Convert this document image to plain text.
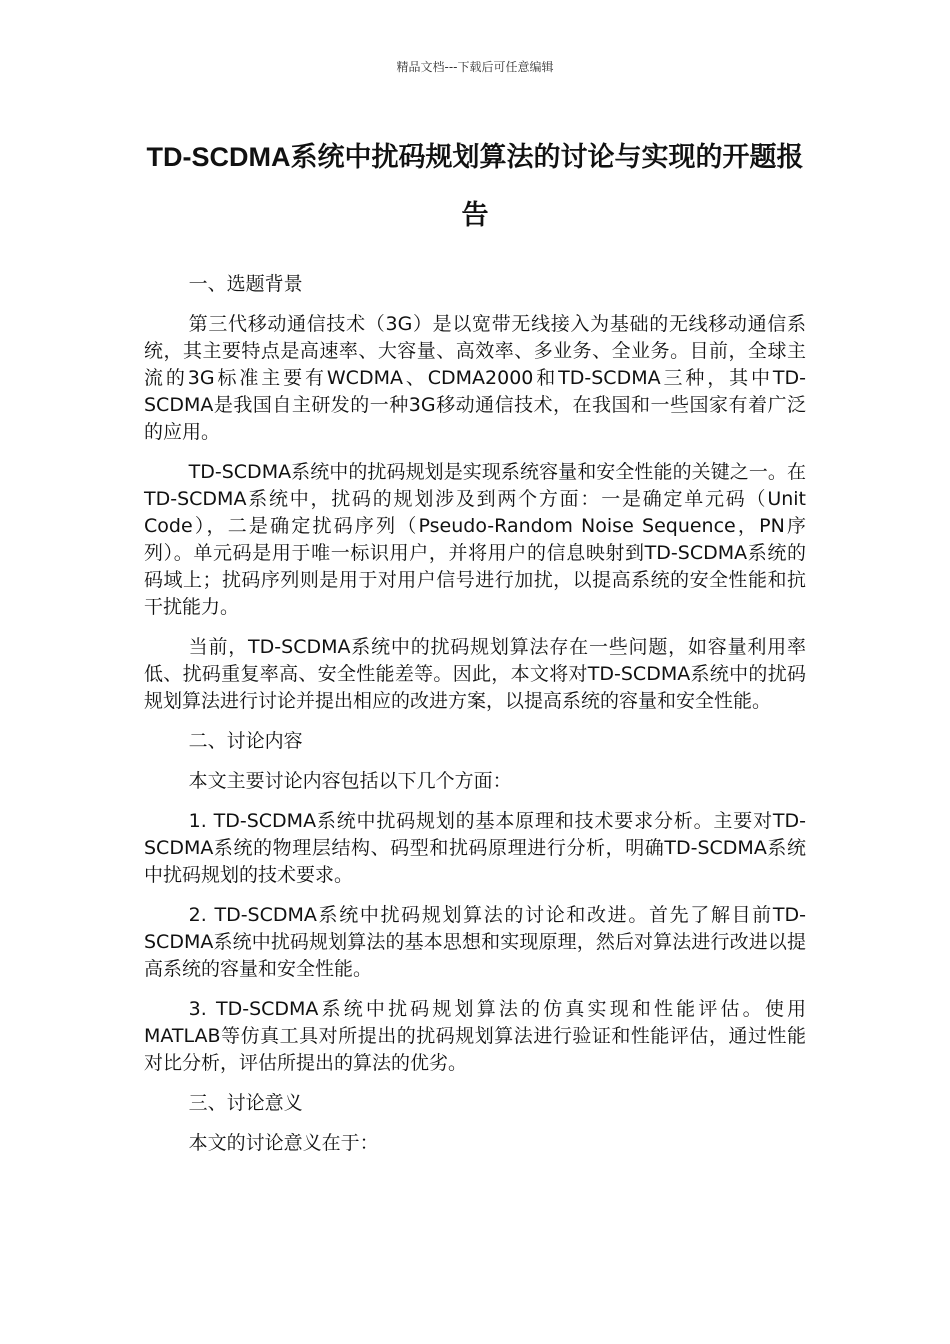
精品文档---下载后可任意编辑
TD-SCDMA系统中扰码规划算法的讨论与实现的开题报告

一、选题背景

第三代移动通信技术（3G）是以宽带无线接入为基础的无线移动通信系统，其主要特点是高速率、大容量、高效率、多业务、全业务。目前，全球主流的3G标准主要有WCDMA、CDMA2000和TD-SCDMA三种，其中TD-SCDMA是我国自主研发的一种3G移动通信技术，在我国和一些国家有着广泛的应用。

TD-SCDMA系统中的扰码规划是实现系统容量和安全性能的关键之一。在TD-SCDMA系统中，扰码的规划涉及到两个方面：一是确定单元码（Unit Code），二是确定扰码序列（Pseudo-Random Noise Sequence，PN序列）。单元码是用于唯一标识用户，并将用户的信息映射到TD-SCDMA系统的码域上；扰码序列则是用于对用户信号进行加扰，以提高系统的安全性能和抗干扰能力。

当前，TD-SCDMA系统中的扰码规划算法存在一些问题，如容量利用率低、扰码重复率高、安全性能差等。因此，本文将对TD-SCDMA系统中的扰码规划算法进行讨论并提出相应的改进方案，以提高系统的容量和安全性能。

二、讨论内容

本文主要讨论内容包括以下几个方面：

1. TD-SCDMA系统中扰码规划的基本原理和技术要求分析。主要对TD-SCDMA系统的物理层结构、码型和扰码原理进行分析，明确TD-SCDMA系统中扰码规划的技术要求。

2. TD-SCDMA系统中扰码规划算法的讨论和改进。首先了解目前TD-SCDMA系统中扰码规划算法的基本思想和实现原理，然后对算法进行改进以提高系统的容量和安全性能。

3. TD-SCDMA系统中扰码规划算法的仿真实现和性能评估。使用MATLAB等仿真工具对所提出的扰码规划算法进行验证和性能评估，通过性能对比分析，评估所提出的算法的优劣。

三、讨论意义

本文的讨论意义在于：
